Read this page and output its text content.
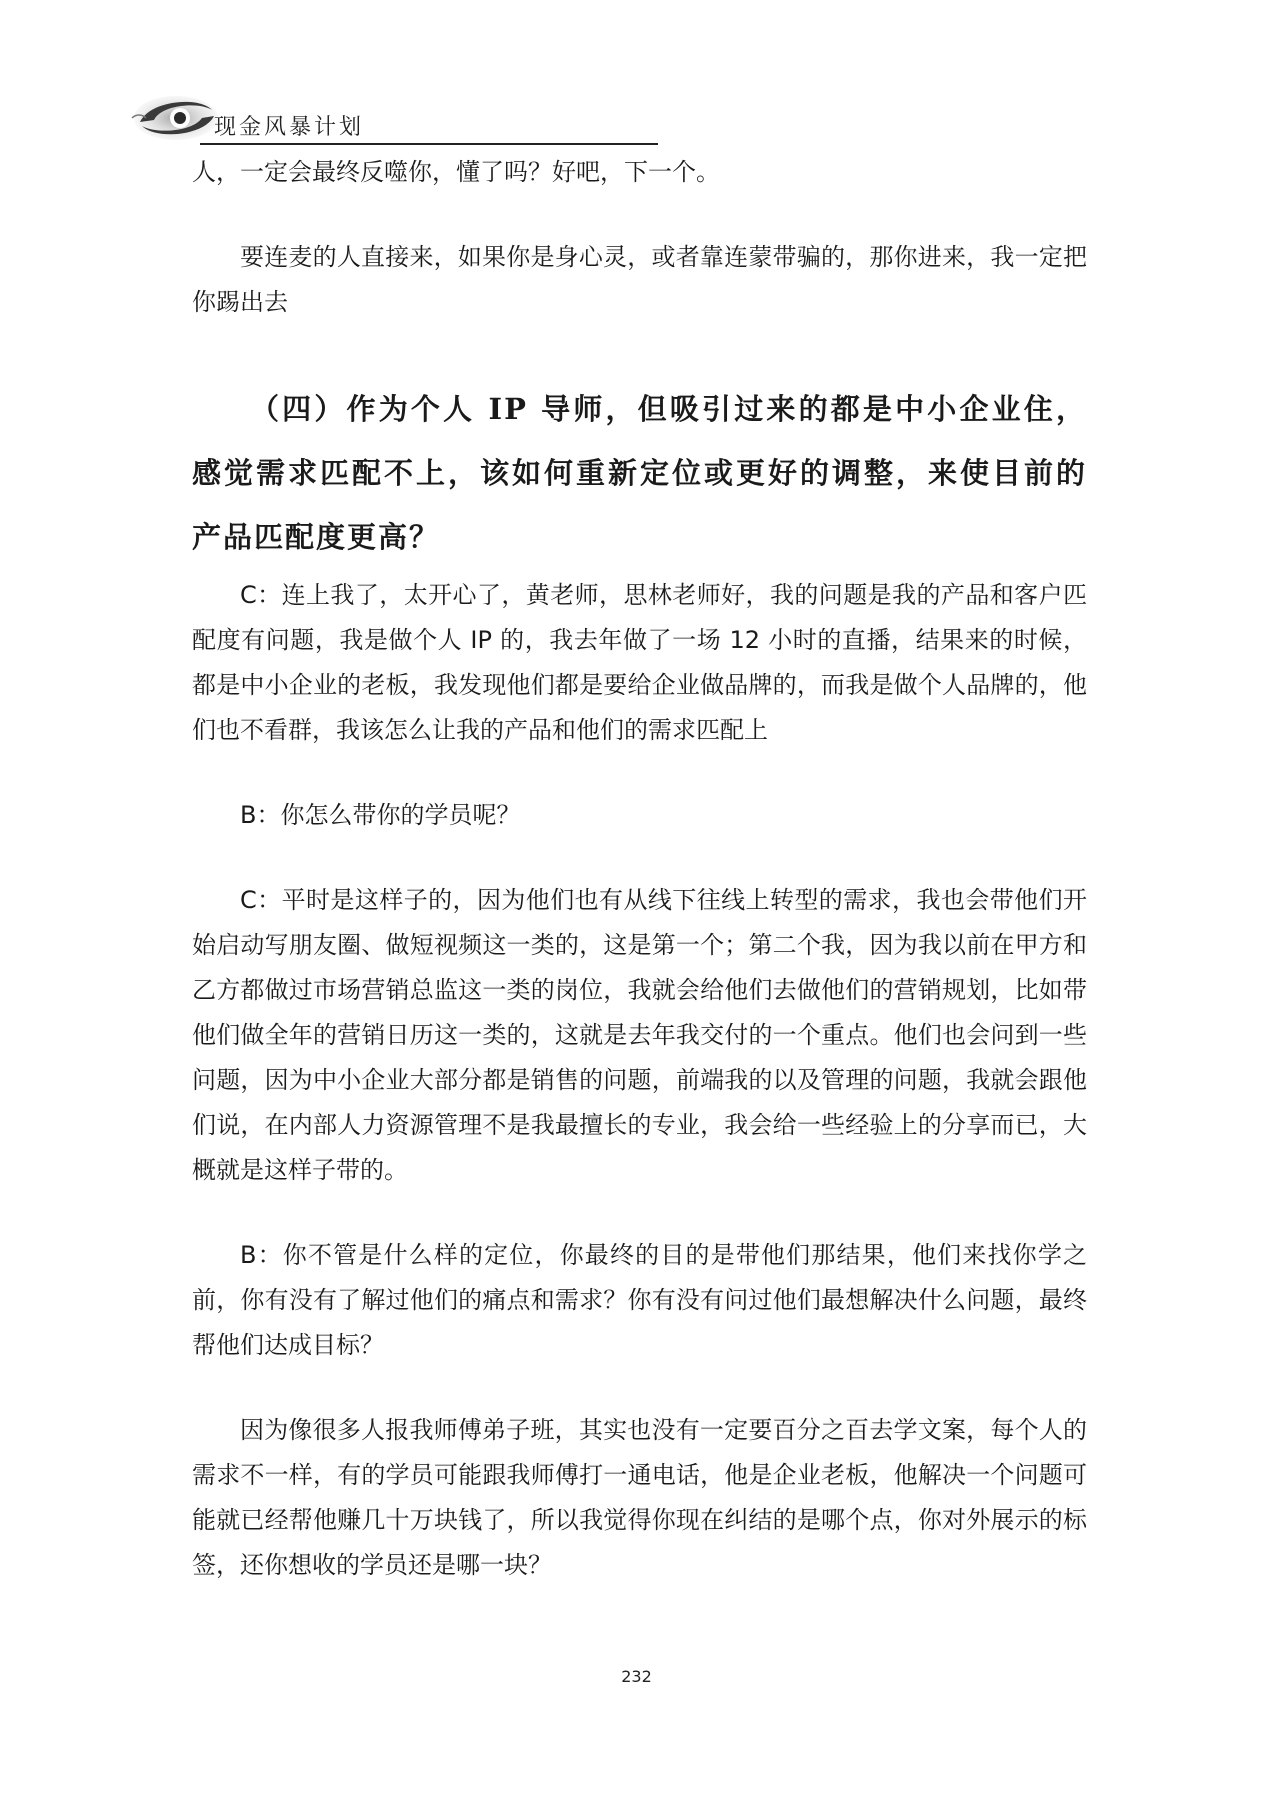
现金风暴计划

人，一定会最终反噬你，懂了吗？好吧，下一个。

要连麦的人直接来，如果你是身心灵，或者靠连蒙带骗的，那你进来，我一定把你踢出去

（四）作为个人 IP 导师，但吸引过来的都是中小企业住，感觉需求匹配不上，该如何重新定位或更好的调整，来使目前的产品匹配度更高？

C：连上我了，太开心了，黄老师，思林老师好，我的问题是我的产品和客户匹配度有问题，我是做个人 IP 的，我去年做了一场 12 小时的直播，结果来的时候，都是中小企业的老板，我发现他们都是要给企业做品牌的，而我是做个人品牌的，他们也不看群，我该怎么让我的产品和他们的需求匹配上

B：你怎么带你的学员呢？

C：平时是这样子的，因为他们也有从线下往线上转型的需求，我也会带他们开始启动写朋友圈、做短视频这一类的，这是第一个；第二个我，因为我以前在甲方和乙方都做过市场营销总监这一类的岗位，我就会给他们去做他们的营销规划，比如带他们做全年的营销日历这一类的，这就是去年我交付的一个重点。他们也会问到一些问题，因为中小企业大部分都是销售的问题，前端我的以及管理的问题，我就会跟他们说，在内部人力资源管理不是我最擅长的专业，我会给一些经验上的分享而已，大概就是这样子带的。

B：你不管是什么样的定位，你最终的目的是带他们那结果，他们来找你学之前，你有没有了解过他们的痛点和需求？你有没有问过他们最想解决什么问题，最终帮他们达成目标？

因为像很多人报我师傅弟子班，其实也没有一定要百分之百去学文案，每个人的需求不一样，有的学员可能跟我师傅打一通电话，他是企业老板，他解决一个问题可能就已经帮他赚几十万块钱了，所以我觉得你现在纠结的是哪个点，你对外展示的标签，还你想收的学员还是哪一块？

232
